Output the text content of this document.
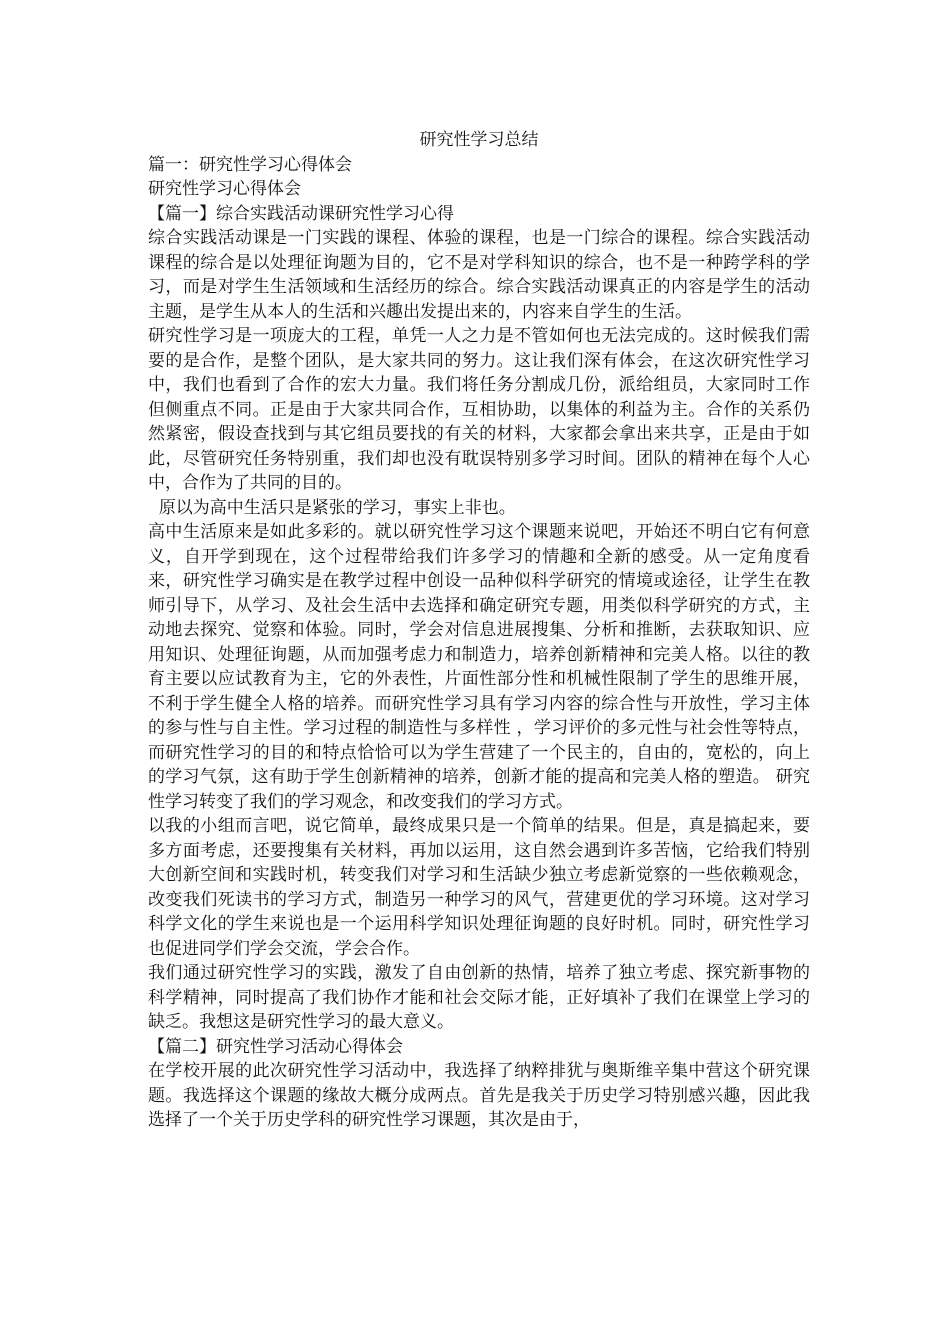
研究性学习总结

篇一：研究性学习心得体会

研究性学习心得体会

【篇一】综合实践活动课研究性学习心得

综合实践活动课是一门实践的课程、体验的课程，也是一门综合的课程。综合实践活动课程的综合是以处理征询题为目的，它不是对学科知识的综合，也不是一种跨学科的学习，而是对学生生活领域和生活经历的综合。综合实践活动课真正的内容是学生的活动主题，是学生从本人的生活和兴趣出发提出来的，内容来自学生的生活。

研究性学习是一项庞大的工程，单凭一人之力是不管如何也无法完成的。这时候我们需要的是合作，是整个团队，是大家共同的努力。这让我们深有体会，在这次研究性学习中，我们也看到了合作的宏大力量。我们将任务分割成几份，派给组员，大家同时工作但侧重点不同。正是由于大家共同合作，互相协助，以集体的利益为主。合作的关系仍然紧密，假设查找到与其它组员要找的有关的材料，大家都会拿出来共享，正是由于如此，尽管研究任务特别重，我们却也没有耽误特别多学习时间。团队的精神在每个人心中，合作为了共同的目的。

原以为高中生活只是紧张的学习，事实上非也。

高中生活原来是如此多彩的。就以研究性学习这个课题来说吧，开始还不明白它有何意义，自开学到现在，这个过程带给我们许多学习的情趣和全新的感受。从一定角度看来，研究性学习确实是在教学过程中创设一品种似科学研究的情境或途径，让学生在教师引导下，从学习、及社会生活中去选择和确定研究专题，用类似科学研究的方式，主动地去探究、觉察和体验。同时，学会对信息进展搜集、分析和推断，去获取知识、应用知识、处理征询题，从而加强考虑力和制造力，培养创新精神和完美人格。以往的教育主要以应试教育为主，它的外表性，片面性部分性和机械性限制了学生的思维开展，不利于学生健全人格的培养。而研究性学习具有学习内容的综合性与开放性，学习主体的参与性与自主性。学习过程的制造性与多样性 ，学习评价的多元性与社会性等特点，而研究性学习的目的和特点恰恰可以为学生营建了一个民主的，自由的，宽松的，向上的学习气氛，这有助于学生创新精神的培养，创新才能的提高和完美人格的塑造。 研究性学习转变了我们的学习观念，和改变我们的学习方式。

以我的小组而言吧，说它简单，最终成果只是一个简单的结果。但是，真是搞起来，要多方面考虑，还要搜集有关材料，再加以运用，这自然会遇到许多苦恼，它给我们特别大创新空间和实践时机，转变我们对学习和生活缺少独立考虑新觉察的一些依赖观念，改变我们死读书的学习方式，制造另一种学习的风气，营建更优的学习环境。这对学习科学文化的学生来说也是一个运用科学知识处理征询题的良好时机。同时，研究性学习也促进同学们学会交流，学会合作。

我们通过研究性学习的实践，激发了自由创新的热情，培养了独立考虑、探究新事物的科学精神，同时提高了我们协作才能和社会交际才能，正好填补了我们在课堂上学习的缺乏。我想这是研究性学习的最大意义。

【篇二】研究性学习活动心得体会

在学校开展的此次研究性学习活动中，我选择了纳粹排犹与奥斯维辛集中营这个研究课题。我选择这个课题的缘故大概分成两点。首先是我关于历史学习特别感兴趣，因此我选择了一个关于历史学科的研究性学习课题，其次是由于，
